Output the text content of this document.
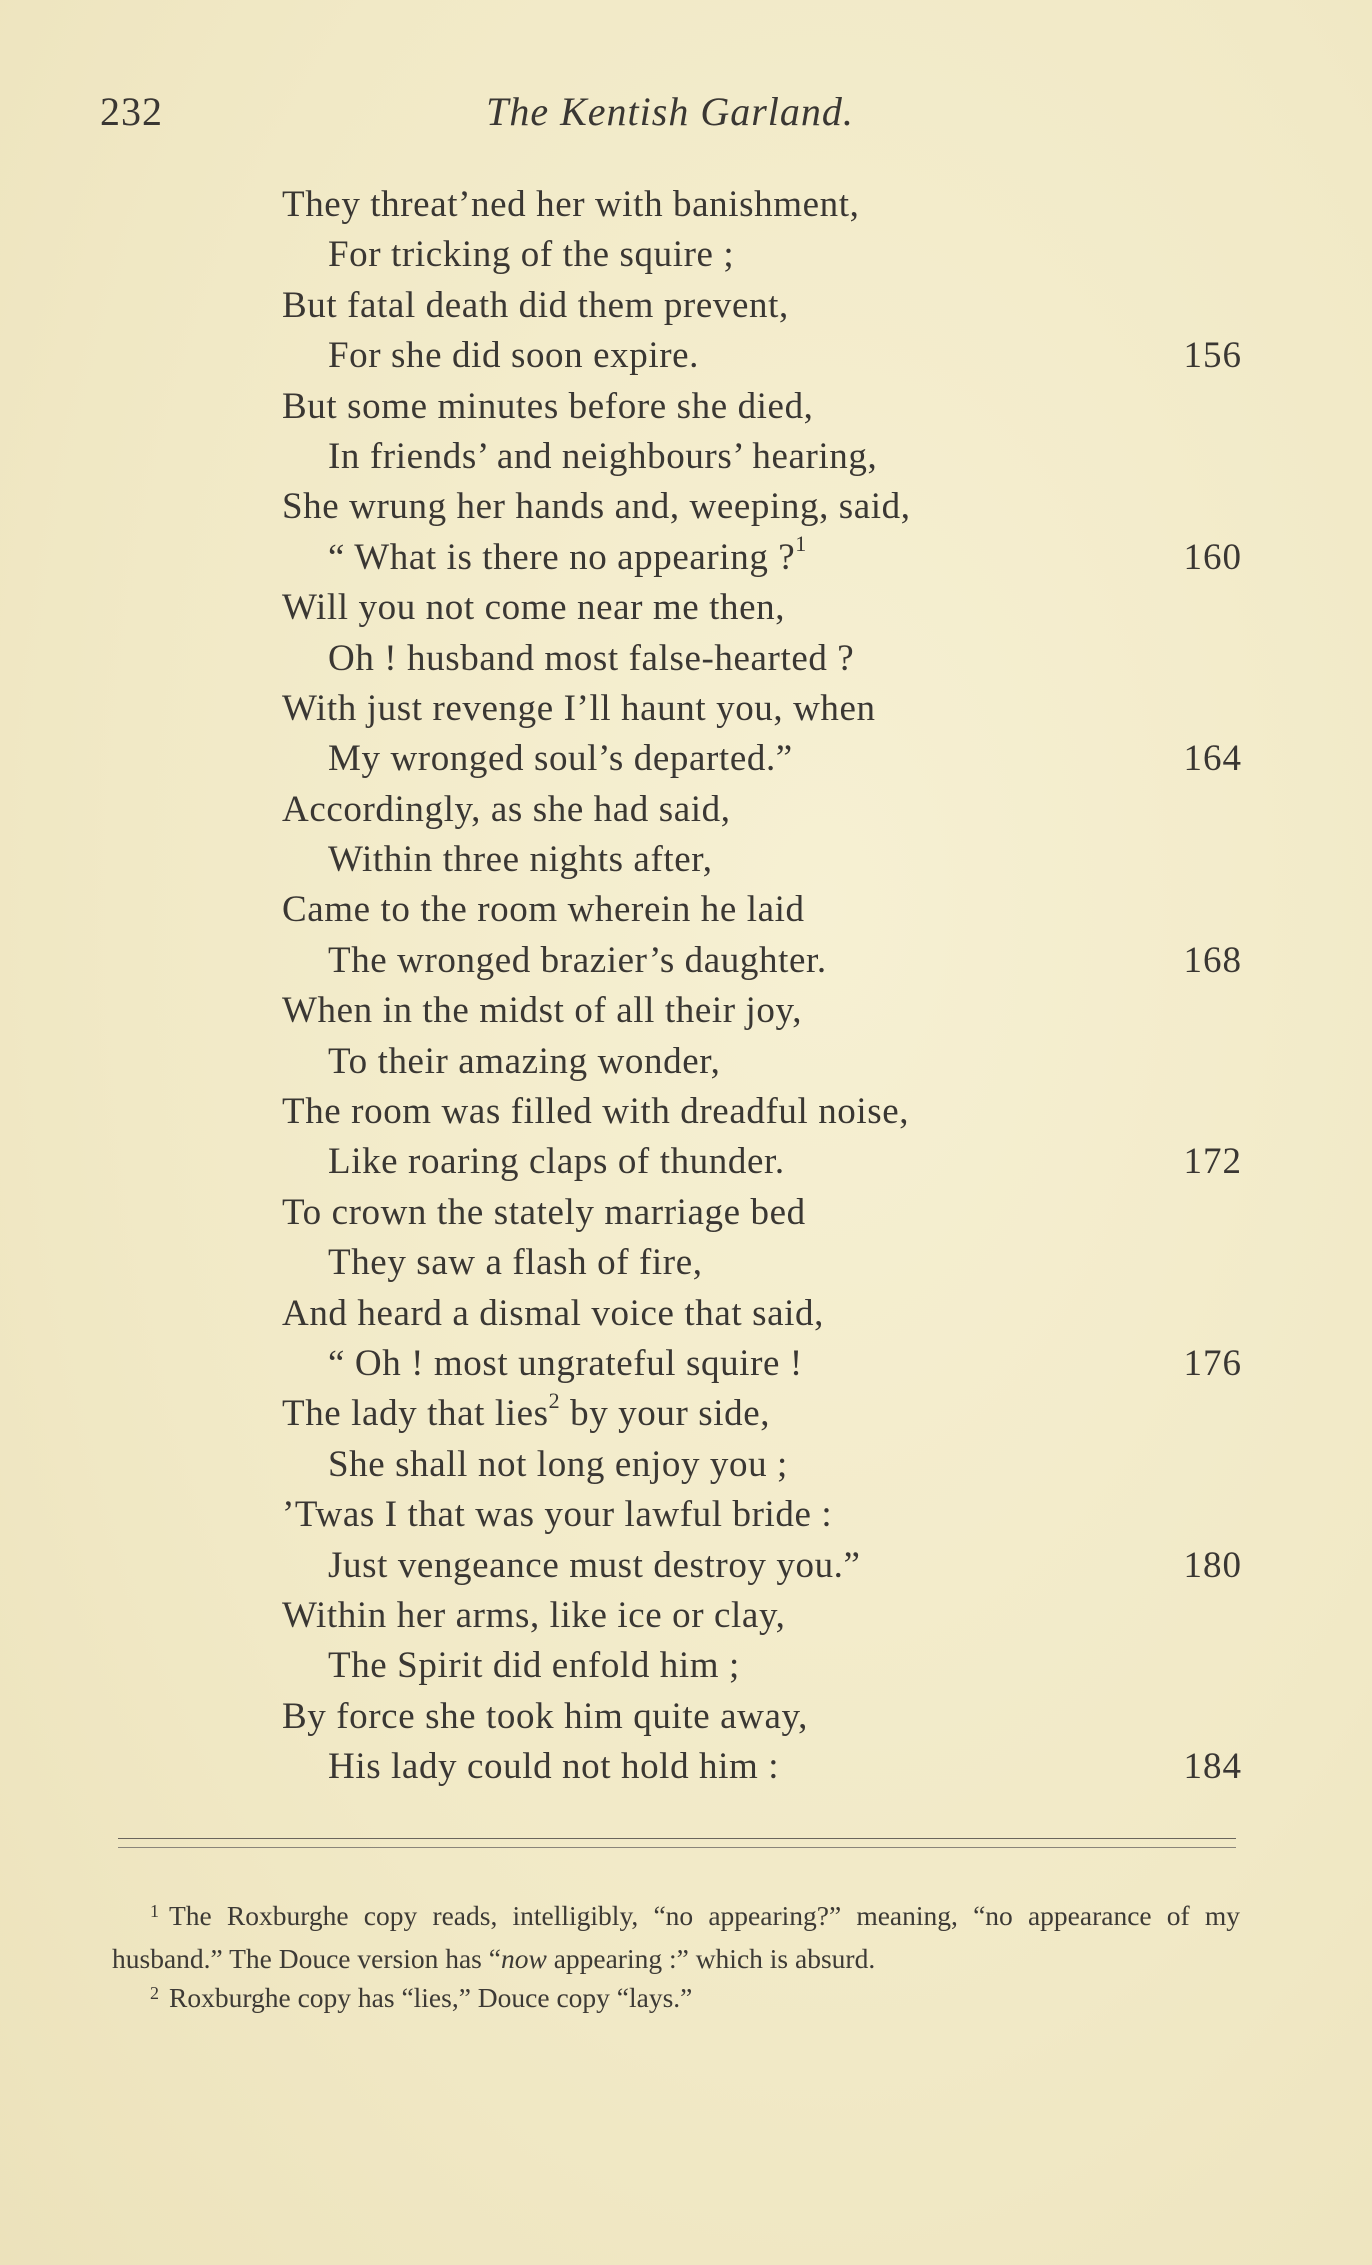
232	The Kentish Garland.
They threat’ned her with banishment,
For tricking of the squire ;
But fatal death did them prevent,
For she did soon expire.	156
But some minutes before she died,
In friends’ and neighbours’ hearing,
She wrung her hands and, weeping, said,
“ What is there no appearing ?$^1$	160
Will you not come near me then,
Oh ! husband most false-hearted ?
With just revenge I’ll haunt you, when
My wronged soul’s departed.”	164
Accordingly, as she had said,
Within three nights after,
Came to the room wherein he laid
The wronged brazier’s daughter.	168
When in the midst of all their joy,
To their amazing wonder,
The room was filled with dreadful noise,
Like roaring claps of thunder.	172
To crown the stately marriage bed
They saw a flash of fire,
And heard a dismal voice that said,
“ Oh ! most ungrateful squire !	176
The lady that lies$^2$ by your side,
She shall not long enjoy you ;
’Twas I that was your lawful bride :
Just vengeance must destroy you.”	180
Within her arms, like ice or clay,
The Spirit did enfold him ;
By force she took him quite away,
His lady could not hold him :	184

$^1$ The Roxburghe copy reads, intelligibly, “no appearing?” meaning, “no appearance of my husband.” The Douce version has “now appearing :” which is absurd.

$^2$ Roxburghe copy has “lies,” Douce copy “lays.”
